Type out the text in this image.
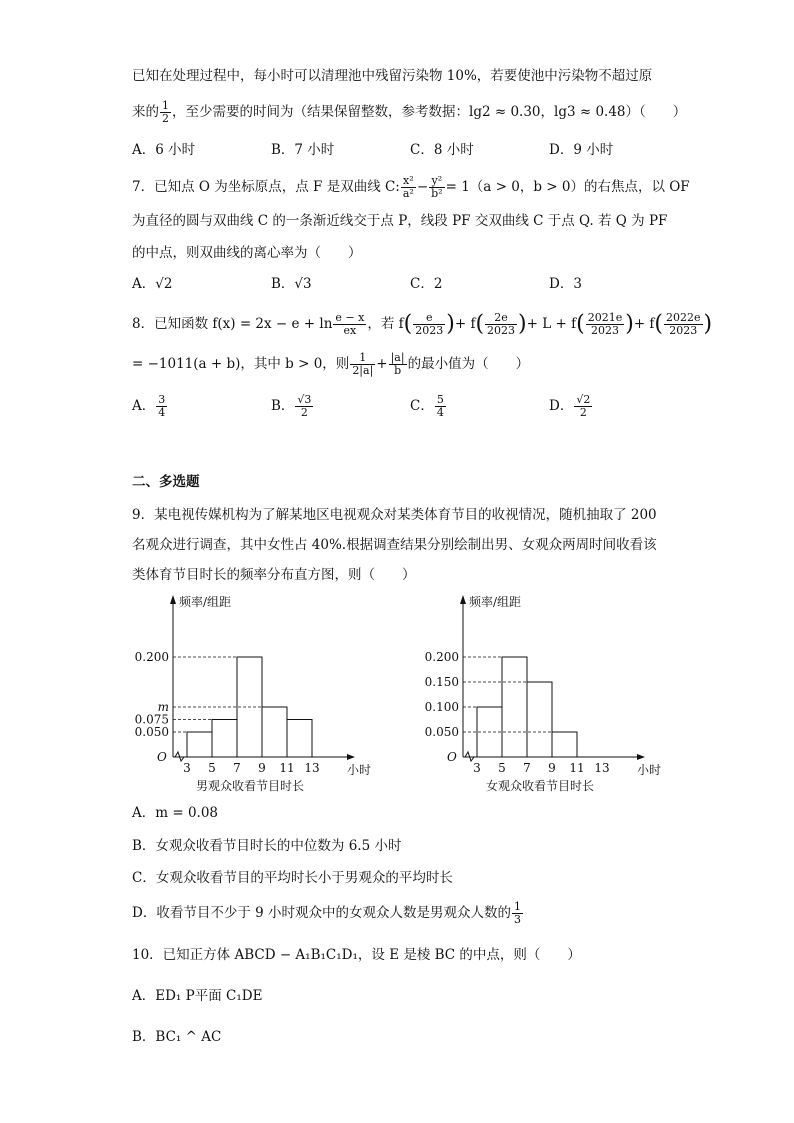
已知在处理过程中，每小时可以清理池中残留污染物 10%，若要使池中污染物不超过原
来的 $\frac{1}{2}$ ，至少需要的时间为（结果保留整数，参考数据：lg2 ≈ 0.30，lg3 ≈ 0.48）（　　）
A．6 小时	B．7 小时	C．8 小时	D．9 小时
7．已知点 O 为坐标原点，点 F 是双曲线 C: $\frac{\text{x²}}{\text{a²}} - \frac{\text{y²}}{\text{b²}} = 1(a > 0$，b > 0）的右焦点，以 OF
为直径的圆与双曲线 C 的一条渐近线交于点 P，线段 PF 交双曲线 C 于点 Q. 若 Q 为 PF
的中点，则双曲线的离心率为（　　）
A．√2	B．√3	C．2	D．3
8．已知函数 $f(x) = 2x - e + \ln \frac{e - x}{ex}$ ，若 $f( \frac{e}{2023}$ )+ $f( \frac{2e}{2023}$ )+ $L + f( \frac{2021e}{2023}$ )+ $f( \frac{2022e}{2023}$ )
= −1011(a + b)，其中 b > 0，则 $\frac{1}{2|a|} + \frac{|a|}{b}$ 的最小值为（　　）
A． $\frac{3}{4}$	B． $\frac{√3}{2}$	C． $\frac{5}{4}$	D． $\frac{√2}{2}$
二、多选题
9．某电视传媒机构为了解某地区电视观众对某类体育节目的收视情况，随机抽取了 200
名观众进行调查，其中女性占 40%.根据调查结果分别绘制出男、女观众两周时间收看该
类体育节目时长的频率分布直方图，则（　　）
频率/组距
小时
O
3 5 7 9 11 13
0.050
0.075
m
0.200
男观众收看节目时长
频率/组距
小时
O
3 5 7 9 11 13
0.050
0.100
0.150
0.200
女观众收看节目时长
A．m = 0.08
B．女观众收看节目时长的中位数为 6.5 小时
C．女观众收看节目的平均时长小于男观众的平均时长
D．收看节目不少于 9 小时观众中的女观众人数是男观众人数的 $\frac{1}{3}$
10．已知正方体 ABCD − A₁B₁C₁D₁，设 E 是棱 BC 的中点，则（　　）
A．ED₁ P平面 C₁DE
B．BC₁ ^ AC
